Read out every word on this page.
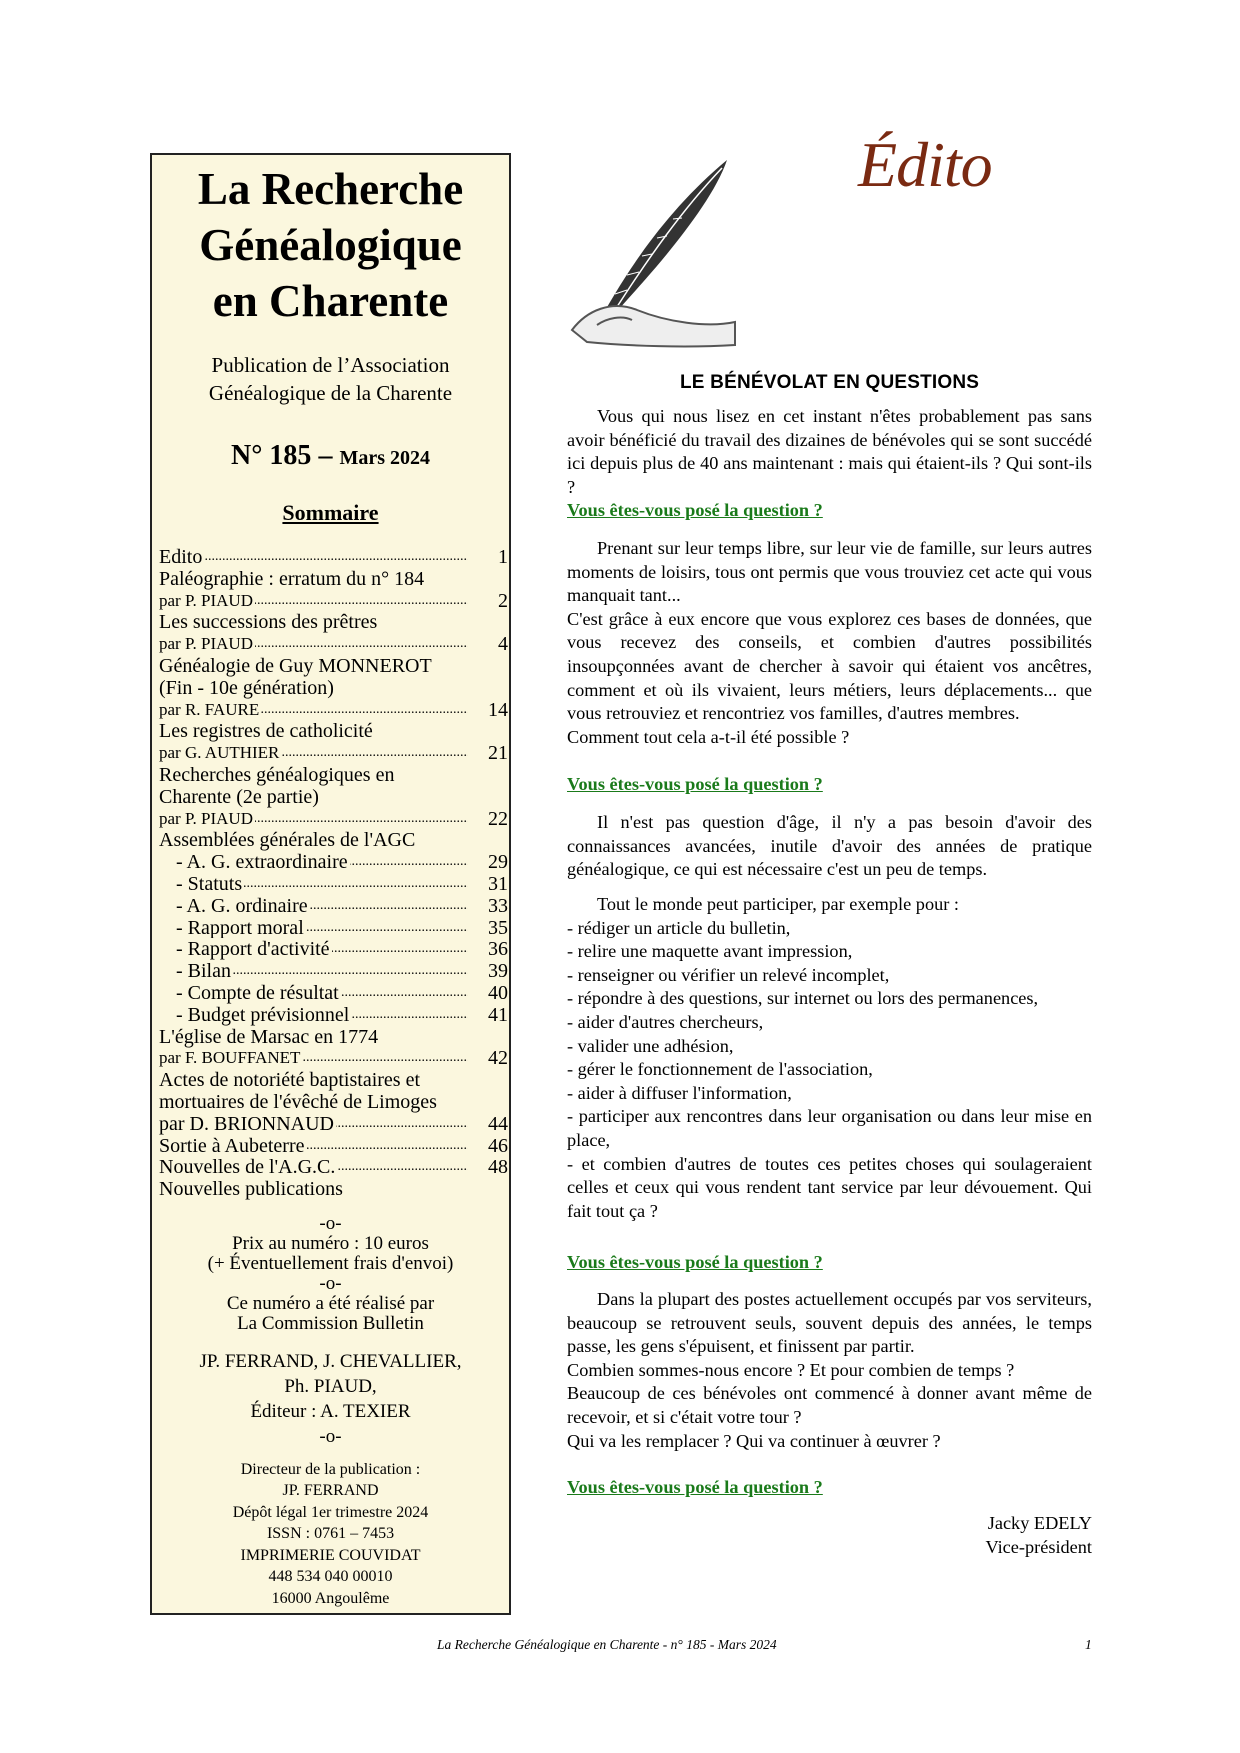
La Recherche
Généalogique
en Charente
Publication de l’Association
Généalogique de la Charente
N° 185 – Mars 2024
Sommaire
Edito	1
.....
Paléographie : erratum du n° 184
par P. PIAUD	2
.....
Les successions des prêtres
par P. PIAUD	4
.....
Généalogie de Guy MONNEROT
(Fin - 10e génération)
par R. FAURE	14
.....
Les registres de catholicité
par G. AUTHIER	21
.....
Recherches généalogiques en
Charente (2e partie)
par P. PIAUD	22
.....
Assemblées générales de l'AGC
- A. G. extraordinaire	29
.....
- Statuts	31
.....
- A. G. ordinaire	33
.....
- Rapport moral	35
.....
- Rapport d'activité	36
.....
- Bilan	39
.....
- Compte de résultat	40
.....
- Budget prévisionnel	41
.....
L'église de Marsac en 1774
par F. BOUFFANET	42
.....
Actes de notoriété baptistaires et
mortuaires de l'évêché de Limoges
par D. BRIONNAUD	44
.....
Sortie à Aubeterre	46
.....
Nouvelles de l'A.G.C.	48
.....
Nouvelles publications
-o-
Prix au numéro : 10 euros
(+ Éventuellement frais d'envoi)
-o-
Ce numéro a été réalisé par
La Commission Bulletin
JP. FERRAND, J. CHEVALLIER,
Ph. PIAUD,
Éditeur : A. TEXIER
-o-
Directeur de la publication :
JP. FERRAND
Dépôt légal 1er trimestre 2024
ISSN : 0761 – 7453
IMPRIMERIE COUVIDAT
448 534 040 00010
16000 Angoulême
Édito
LE BÉNÉVOLAT EN QUESTIONS

Vous qui nous lisez en cet instant n'êtes probablement pas sans avoir bénéficié du travail des dizaines de bénévoles qui se sont succédé ici depuis plus de 40 ans maintenant : mais qui étaient-ils ? Qui sont-ils ?

Vous êtes-vous posé la question ?

Prenant sur leur temps libre, sur leur vie de famille, sur leurs autres moments de loisirs, tous ont permis que vous trouviez cet acte qui vous manquait tant...

C'est grâce à eux encore que vous explorez ces bases de données, que vous recevez des conseils, et combien d'autres possibilités insoupçonnées avant de chercher à savoir qui étaient vos ancêtres, comment et où ils vivaient, leurs métiers, leurs déplacements... que vous retrouviez et rencontriez vos familles, d'autres membres.

Comment tout cela a-t-il été possible ?

Vous êtes-vous posé la question ?

Il n'est pas question d'âge, il n'y a pas besoin d'avoir des connaissances avancées, inutile d'avoir des années de pratique généalogique, ce qui est nécessaire c'est un peu de temps.

Tout le monde peut participer, par exemple pour :

- rédiger un article du bulletin,

- relire une maquette avant impression,

- renseigner ou vérifier un relevé incomplet,

- répondre à des questions, sur internet ou lors des permanences,

- aider d'autres chercheurs,

- valider une adhésion,

- gérer le fonctionnement de l'association,

- aider à diffuser l'information,

- participer aux rencontres dans leur organisation ou dans leur mise en place,

- et combien d'autres de toutes ces petites choses qui soulageraient celles et ceux qui vous rendent tant service par leur dévouement. Qui fait tout ça ?

Vous êtes-vous posé la question ?

Dans la plupart des postes actuellement occupés par vos serviteurs, beaucoup se retrouvent seuls, souvent depuis des années, le temps passe, les gens s'épuisent, et finissent par partir.

Combien sommes-nous encore ? Et pour combien de temps ?

Beaucoup de ces bénévoles ont commencé à donner avant même de recevoir, et si c'était votre tour ?

Qui va les remplacer ? Qui va continuer à œuvrer ?

Vous êtes-vous posé la question ?
Jacky EDELY
Vice-président
La Recherche Généalogique en Charente - n° 185 - Mars 2024	1
